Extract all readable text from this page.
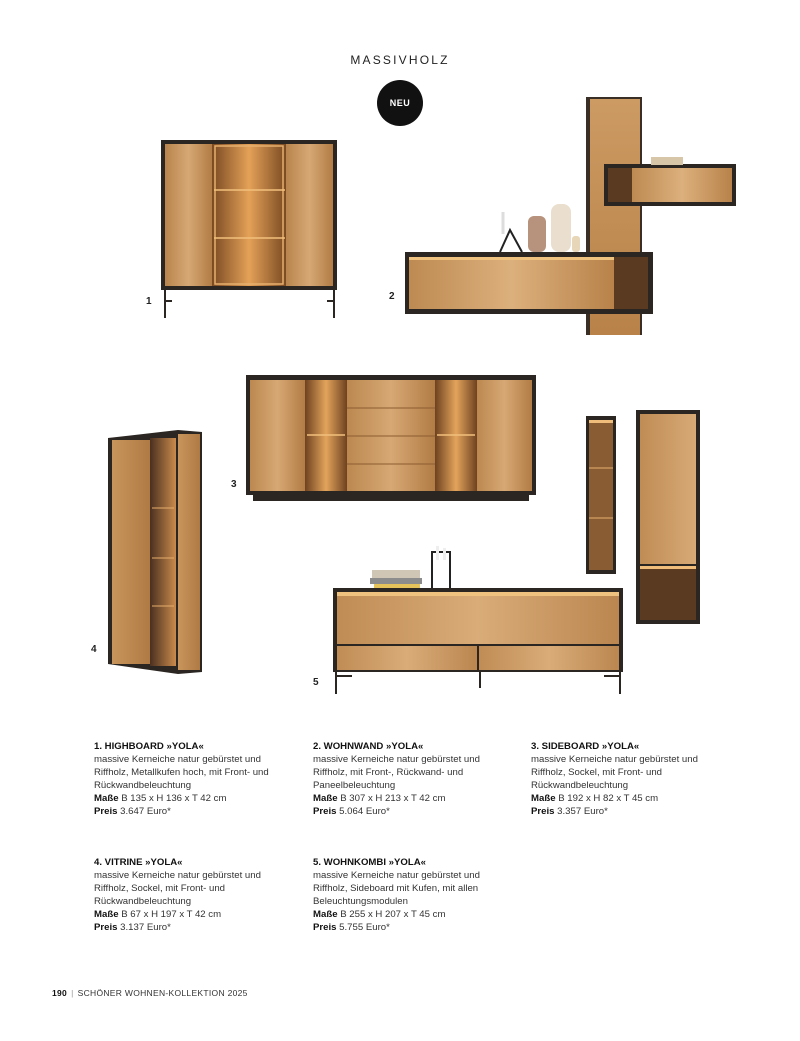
MASSIVHOLZ
NEU
1	2
3
4
5
1. HIGHBOARD »YOLA«
massive Kerneiche natur gebürstet und Riffholz, Metallkufen hoch, mit Front- und Rückwandbeleuchtung
Maße B 135 x H 136 x T 42 cm
Preis 3.647 Euro*
2. WOHNWAND »YOLA«
massive Kerneiche natur gebürstet und Riffholz, mit Front-, Rückwand- und Paneelbeleuchtung
Maße B 307 x H 213 x T 42 cm
Preis 5.064 Euro*
3. SIDEBOARD »YOLA«
massive Kerneiche natur gebürstet und Riffholz, Sockel, mit Front- und Rückwandbeleuchtung
Maße B 192 x H 82 x T 45 cm
Preis 3.357 Euro*
4. VITRINE »YOLA«
massive Kerneiche natur gebürstet und Riffholz, Sockel, mit Front- und Rückwandbeleuchtung
Maße B 67 x H 197 x T 42 cm
Preis 3.137 Euro*
5. WOHNKOMBI »YOLA«
massive Kerneiche natur gebürstet und Riffholz, Sideboard mit Kufen, mit allen Beleuchtungsmodulen
Maße B 255 x H 207 x T 45 cm
Preis 5.755 Euro*
190 | SCHÖNER WOHNEN-KOLLEKTION 2025
